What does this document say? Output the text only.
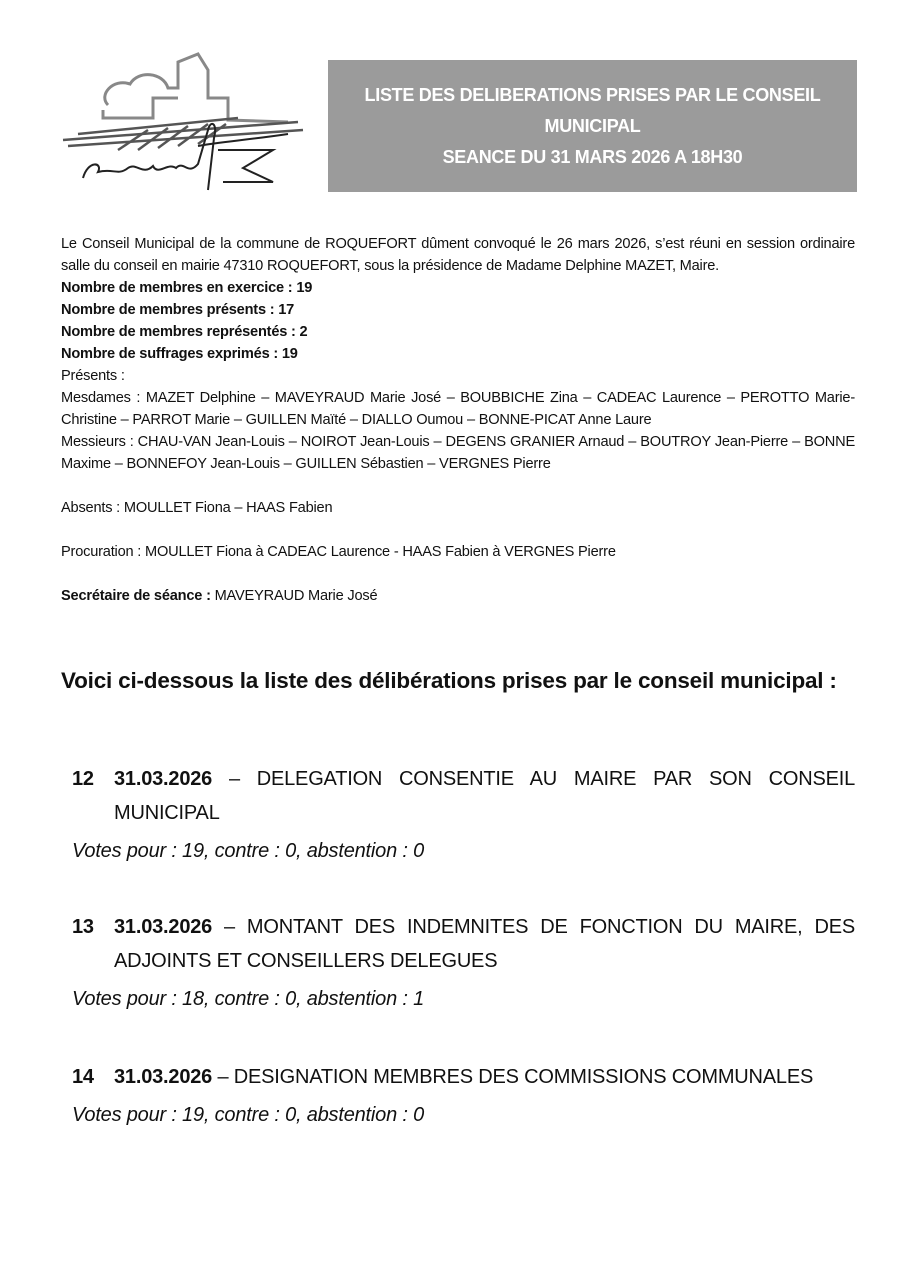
LISTE DES DELIBERATIONS PRISES PAR LE CONSEIL
MUNICIPAL
SEANCE DU 31 MARS 2026 A 18H30

Le Conseil Municipal de la commune de ROQUEFORT dûment convoqué le 26 mars 2026, s’est réuni en session ordinaire salle du conseil en mairie 47310 ROQUEFORT, sous la présidence de Madame Delphine MAZET, Maire.

Nombre de membres en exercice : 19

Nombre de membres présents : 17

Nombre de membres représentés : 2

Nombre de suffrages exprimés : 19

Présents :

Mesdames : MAZET Delphine – MAVEYRAUD Marie José – BOUBBICHE Zina – CADEAC Laurence – PEROTTO Marie-Christine – PARROT Marie – GUILLEN Maïté – DIALLO Oumou – BONNE-PICAT Anne Laure

Messieurs : CHAU-VAN Jean-Louis – NOIROT Jean-Louis – DEGENS GRANIER Arnaud – BOUTROY Jean-Pierre – BONNE Maxime – BONNEFOY Jean-Louis – GUILLEN Sébastien – VERGNES Pierre

Absents : MOULLET Fiona – HAAS Fabien

Procuration : MOULLET Fiona à CADEAC Laurence - HAAS Fabien à VERGNES Pierre

Secrétaire de séance : MAVEYRAUD Marie José

Voici ci-dessous la liste des délibérations prises par le conseil municipal :
12	31.03.2026 – DELEGATION CONSENTIE AU MAIRE PAR SON CONSEIL MUNICIPAL
Votes pour : 19, contre : 0, abstention : 0
13	31.03.2026 – MONTANT DES INDEMNITES DE FONCTION DU MAIRE, DES ADJOINTS ET CONSEILLERS DELEGUES
Votes pour : 18, contre : 0, abstention : 1
14	31.03.2026 – DESIGNATION MEMBRES DES COMMISSIONS COMMUNALES
Votes pour : 19, contre : 0, abstention : 0
